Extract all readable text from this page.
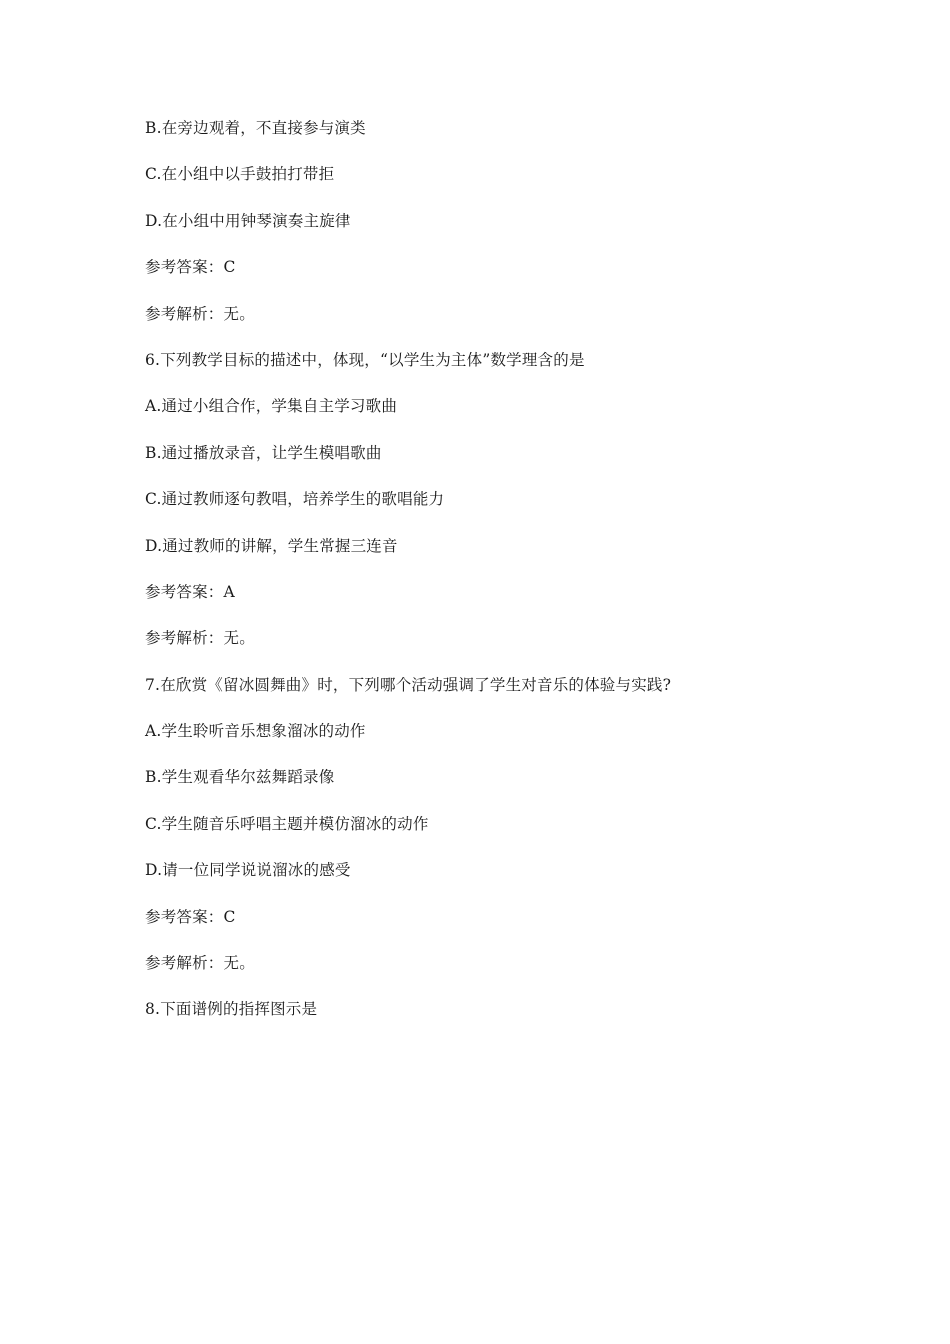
B.在旁边观着，不直接参与演类
C.在小组中以手鼓拍打带拒
D.在小组中用钟琴演奏主旋律
参考答案：C
参考解析：无。
6.下列教学目标的描述中，体现，“以学生为主体”数学理含的是
A.通过小组合作，学集自主学习歌曲
B.通过播放录音，让学生模唱歌曲
C.通过教师逐句教唱，培养学生的歌唱能力
D.通过教师的讲解，学生常握三连音
参考答案：A
参考解析：无。
7.在欣赏《留冰圆舞曲》时，下列哪个活动强调了学生对音乐的体验与实践?
A.学生聆听音乐想象溜冰的动作
B.学生观看华尔兹舞蹈录像
C.学生随音乐呼唱主题并模仿溜冰的动作
D.请一位同学说说溜冰的感受
参考答案：C
参考解析：无。
8.下面谱例的指挥图示是
